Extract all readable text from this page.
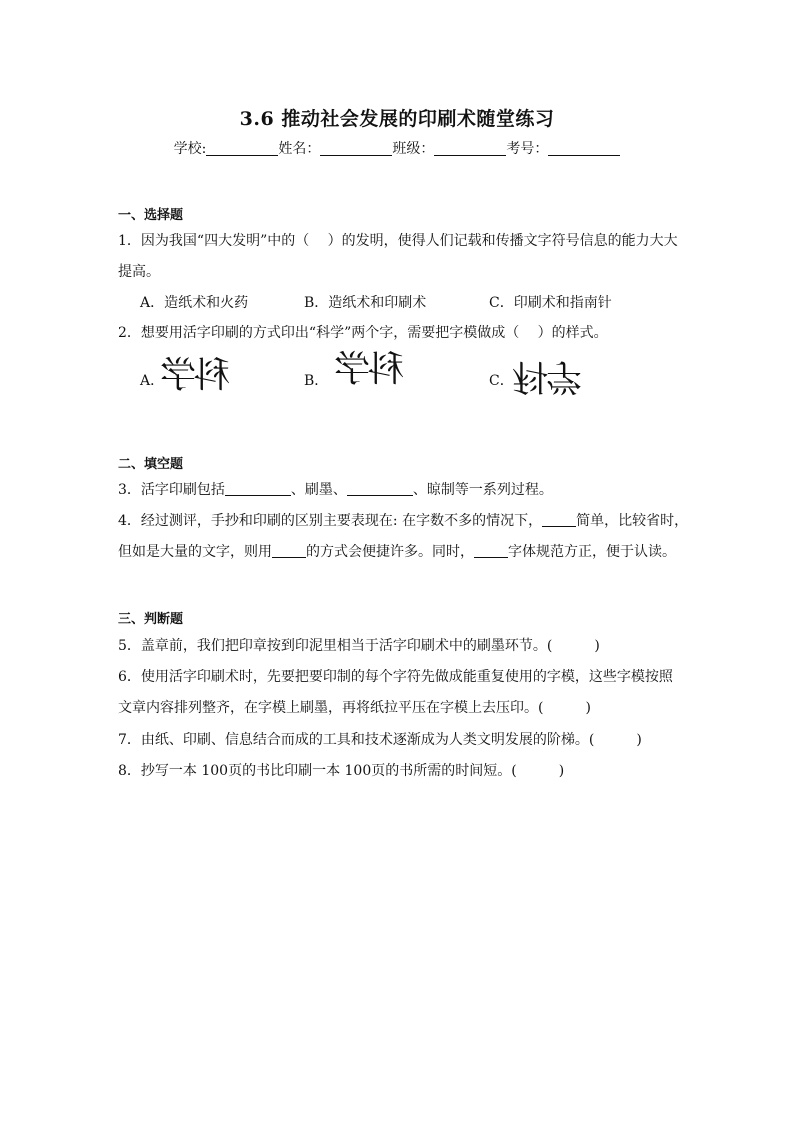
3.6 推动社会发展的印刷术随堂练习
学校:	姓名：	班级：	考号：
一、选择题
1．因为我国“四大发明”中的（　 ）的发明，使得人们记载和传播文字符号信息的能力大大
提高。
A．造纸术和火药	B．造纸术和印刷术	C．印刷术和指南针
2．想要用活字印刷的方式印出“科学”两个字，需要把字模做成（　 ）的样式。
A．
科学	B． 科学	C．
科学
二、填空题
3．活字印刷包括	、刷墨、	、晾制等一系列过程。
4．经过测评，手抄和印刷的区别主要表现在: 在字数不多的情况下， 简单，比较省时，
但如是大量的文字，则用 的方式会便捷许多。同时， 字体规范方正，便于认读。
三、判断题
5．盖章前，我们把印章按到印泥里相当于活字印刷术中的刷墨环节。(　　　)
6．使用活字印刷术时，先要把要印制的每个字符先做成能重复使用的字模，这些字模按照
文章内容排列整齐，在字模上刷墨，再将纸拉平压在字模上去压印。(　　　)
7．由纸、印刷、信息结合而成的工具和技术逐渐成为人类文明发展的阶梯。(　　　)
8．抄写一本 100页的书比印刷一本 100页的书所需的时间短。(　　　)
